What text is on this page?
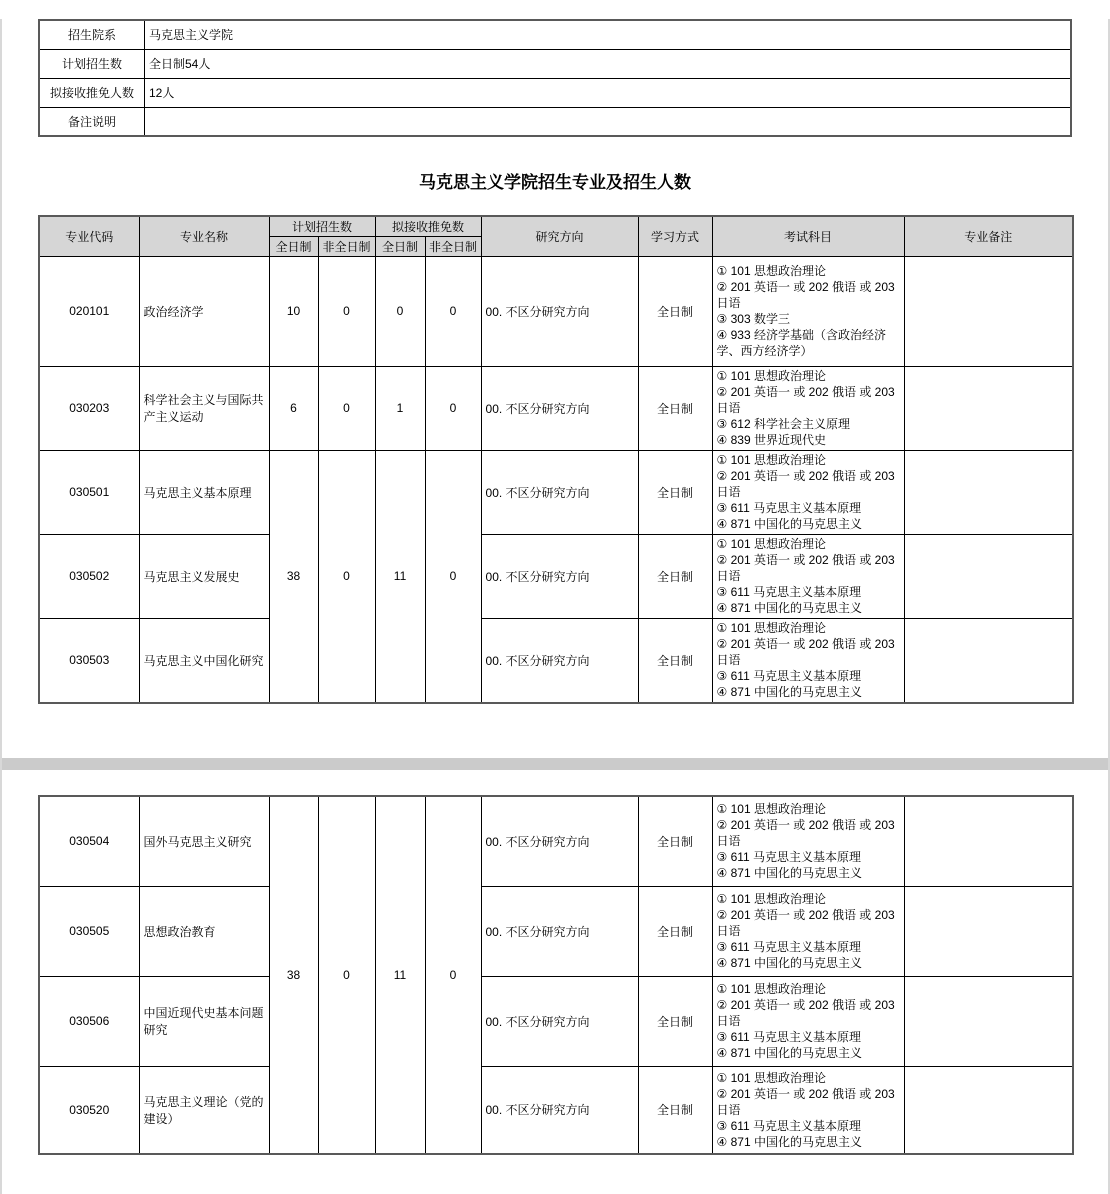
招生院系	马克思主义学院
计划招生数	全日制54人
拟接收推免人数	12人
备注说明	
马克思主义学院招生专业及招生人数
专业代码	专业名称	计划招生数		拟接收推免数		研究方向	学习方式	考试科目	专业备注
		全日制	非全日制	全日制	非全日制				
020101	政治经济学	10	0	0	0	00. 不区分研究方向	全日制	① 101 思想政治理论
② 201 英语一 或 202 俄语 或 203 日语
③ 303 数学三
④ 933 经济学基础（含政治经济学、西方经济学）	

030203	科学社会主义与国际共产主义运动	6	0	1	0	00. 不区分研究方向	全日制	① 101 思想政治理论
② 201 英语一 或 202 俄语 或 203 日语
③ 612 科学社会主义原理
④ 839 世界近现代史	

030501	马克思主义基本原理	38	0	11	0	00. 不区分研究方向	全日制	① 101 思想政治理论
② 201 英语一 或 202 俄语 或 203 日语
③ 611 马克思主义基本原理
④ 871 中国化的马克思主义	

030502	马克思主义发展史					00. 不区分研究方向	全日制	① 101 思想政治理论
② 201 英语一 或 202 俄语 或 203 日语
③ 611 马克思主义基本原理
④ 871 中国化的马克思主义	

030503	马克思主义中国化研究					00. 不区分研究方向	全日制	① 101 思想政治理论
② 201 英语一 或 202 俄语 或 203 日语
③ 611 马克思主义基本原理
④ 871 中国化的马克思主义	

030504	国外马克思主义研究	38	0	11	0	00. 不区分研究方向	全日制	① 101 思想政治理论
② 201 英语一 或 202 俄语 或 203 日语
③ 611 马克思主义基本原理
④ 871 中国化的马克思主义	

030505	思想政治教育					00. 不区分研究方向	全日制	① 101 思想政治理论
② 201 英语一 或 202 俄语 或 203 日语
③ 611 马克思主义基本原理
④ 871 中国化的马克思主义	

030506	中国近现代史基本问题研究					00. 不区分研究方向	全日制	① 101 思想政治理论
② 201 英语一 或 202 俄语 或 203 日语
③ 611 马克思主义基本原理
④ 871 中国化的马克思主义	

030520	马克思主义理论（党的建设）					00. 不区分研究方向	全日制	① 101 思想政治理论
② 201 英语一 或 202 俄语 或 203 日语
③ 611 马克思主义基本原理
④ 871 中国化的马克思主义	
